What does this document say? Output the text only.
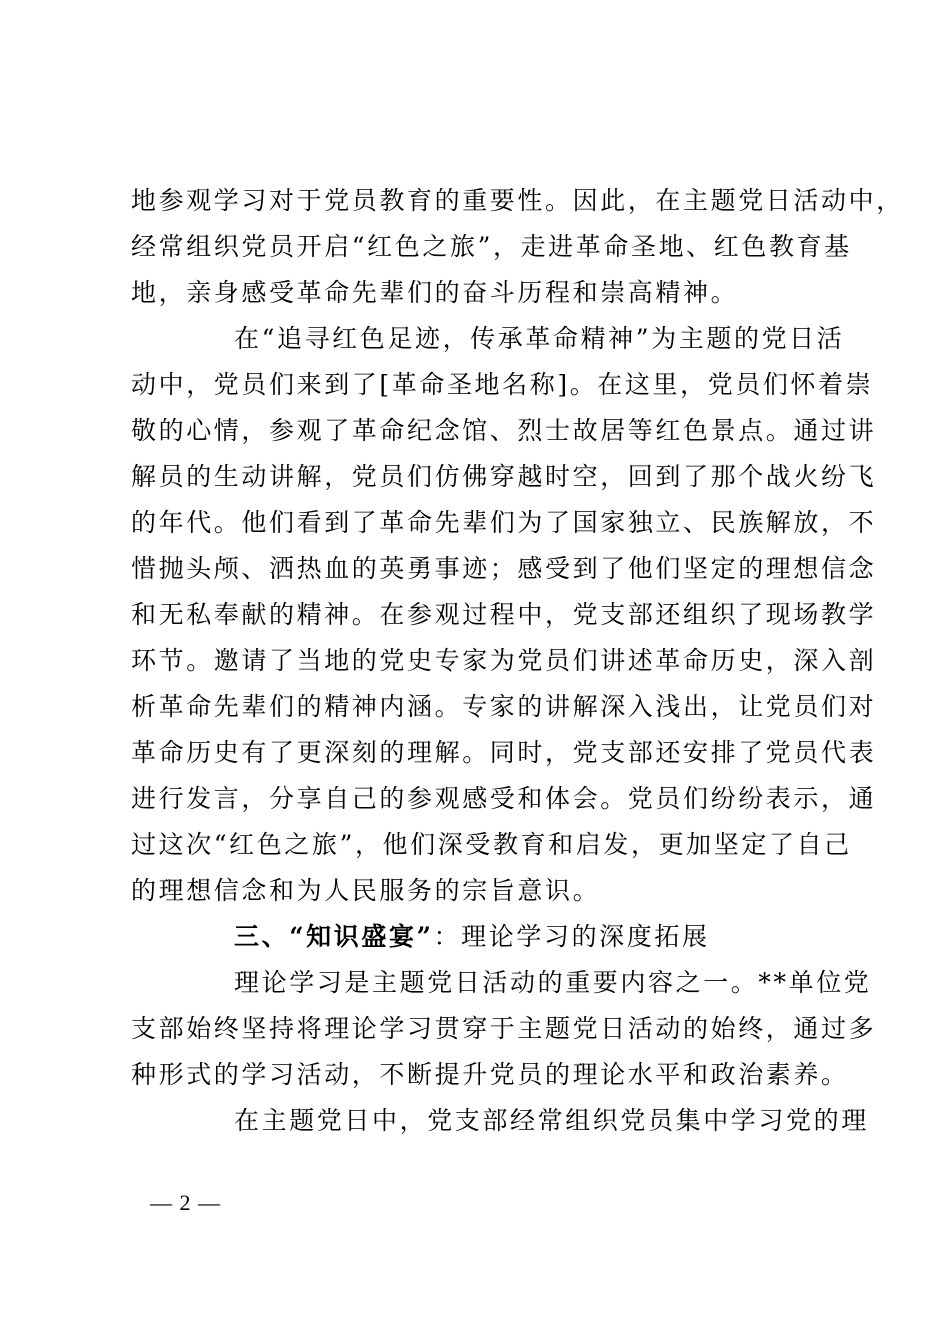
地参观学习对于党员教育的重要性。因此，在主题党日活动中，
经常组织党员开启“红色之旅”，走进革命圣地、红色教育基
地，亲身感受革命先辈们的奋斗历程和崇高精神。
在“追寻红色足迹，传承革命精神”为主题的党日活
动中，党员们来到了[革命圣地名称]。在这里，党员们怀着崇
敬的心情，参观了革命纪念馆、烈士故居等红色景点。通过讲
解员的生动讲解，党员们仿佛穿越时空，回到了那个战火纷飞
的年代。他们看到了革命先辈们为了国家独立、民族解放，不
惜抛头颅、洒热血的英勇事迹；感受到了他们坚定的理想信念
和无私奉献的精神。在参观过程中，党支部还组织了现场教学
环节。邀请了当地的党史专家为党员们讲述革命历史，深入剖
析革命先辈们的精神内涵。专家的讲解深入浅出，让党员们对
革命历史有了更深刻的理解。同时，党支部还安排了党员代表
进行发言，分享自己的参观感受和体会。党员们纷纷表示，通
过这次“红色之旅”，他们深受教育和启发，更加坚定了自己
的理想信念和为人民服务的宗旨意识。
三、“知识盛宴”：理论学习的深度拓展
理论学习是主题党日活动的重要内容之一。**单位党
支部始终坚持将理论学习贯穿于主题党日活动的始终，通过多
种形式的学习活动，不断提升党员的理论水平和政治素养。
在主题党日中，党支部经常组织党员集中学习党的理
— 2 —
